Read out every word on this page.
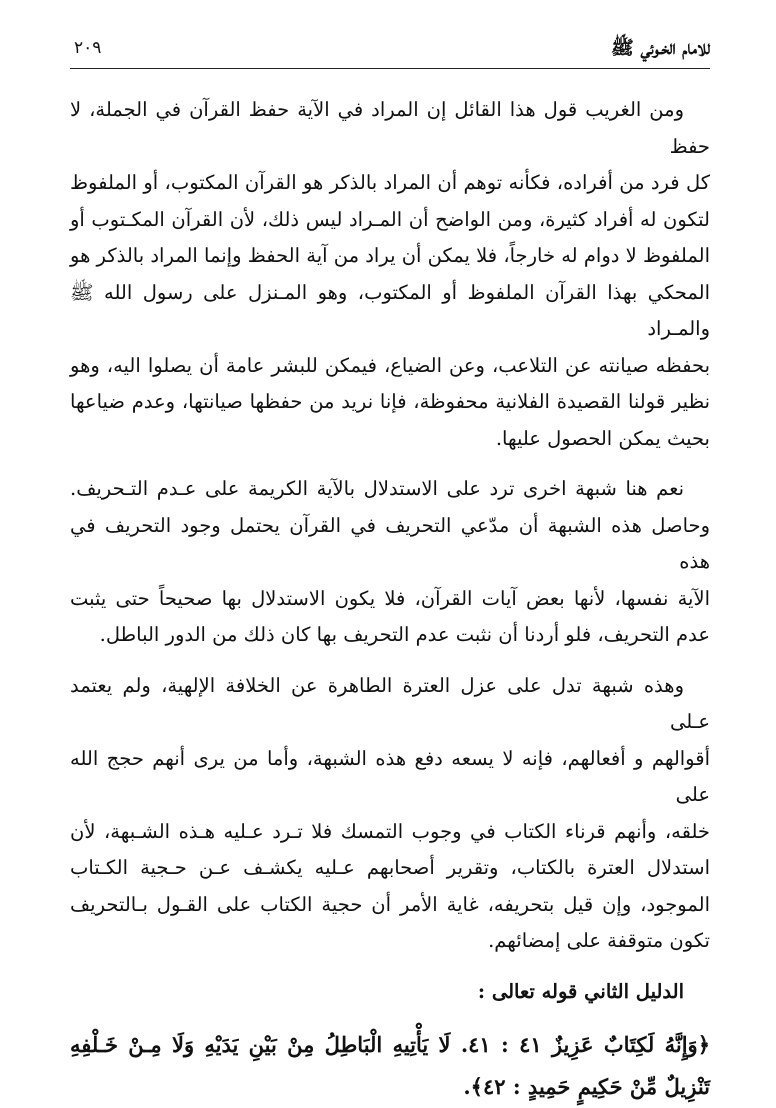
للامام الخـوئي ﷺ
٢٠٩
ومن الغريب قول هذا القائل إن المراد في الآية حفظ القرآن في الجملة، لا حفظ
كل فرد من أفراده، فكأنه توهم أن المراد بالذكر هو القرآن المكتوب، أو الملفوظ
لتكون له أفراد كثيرة، ومن الواضح أن المـراد ليس ذلك، لأن القرآن المكـتوب أو
الملفوظ لا دوام له خارجاً، فلا يمكن أن يراد من آية الحفظ وإنما المراد بالذكر هو
المحكي بهذا القرآن الملفوظ أو المكتوب، وهو المـنزل على رسول الله ﷺ والمـراد
بحفظه صيانته عن التلاعب، وعن الضياع، فيمكن للبشر عامة أن يصلوا اليه، وهو
نظير قولنا القصيدة الفلانية محفوظة، فإنا نريد من حفظها صيانتها، وعدم ضياعها
بحيث يمكن الحصول عليها.
نعم هنا شبهة اخرى ترد على الاستدلال بالآية الكريمة على عـدم التـحريف.
وحاصل هذه الشبهة أن مدّعي التحريف في القرآن يحتمل وجود التحريف في هذه
الآية نفسها، لأنها بعض آيات القرآن، فلا يكون الاستدلال بها صحيحاً حتى يثبت
عدم التحريف، فلو أردنا أن نثبت عدم التحريف بها كان ذلك من الدور الباطل.
وهذه شبهة تدل على عزل العترة الطاهرة عن الخلافة الإلهية، ولم يعتمد عـلى
أقوالهم و أفعالهم، فإنه لا يسعه دفع هذه الشبهة، وأما من يرى أنهم حجج الله على
خلقه، وأنهم قرناء الكتاب في وجوب التمسك فلا تـرد عـليه هـذه الشـبهة، لأن
استدلال العترة بالكتاب، وتقرير أصحابهم عـليه يكشـف عـن حـجية الكـتاب
الموجود، وإن قيل بتحريفه، غاية الأمر أن حجية الكتاب على القـول بـالتحريف
تكون متوقفة على إمضائهم.
الدليل الثاني قوله تعالى :
﴿وَإِنَّهُ لَكِتَابٌ عَزِيزٌ ٤١ : ٤١. لَا يَأْتِيهِ الْبَاطِلُ مِنْ بَيْنِ يَدَيْهِ وَلَا مِـنْ خَـلْفِهِ
تَنْزِيلٌ مِّنْ حَكِيمٍ حَمِيدٍ : ٤٢﴾.
